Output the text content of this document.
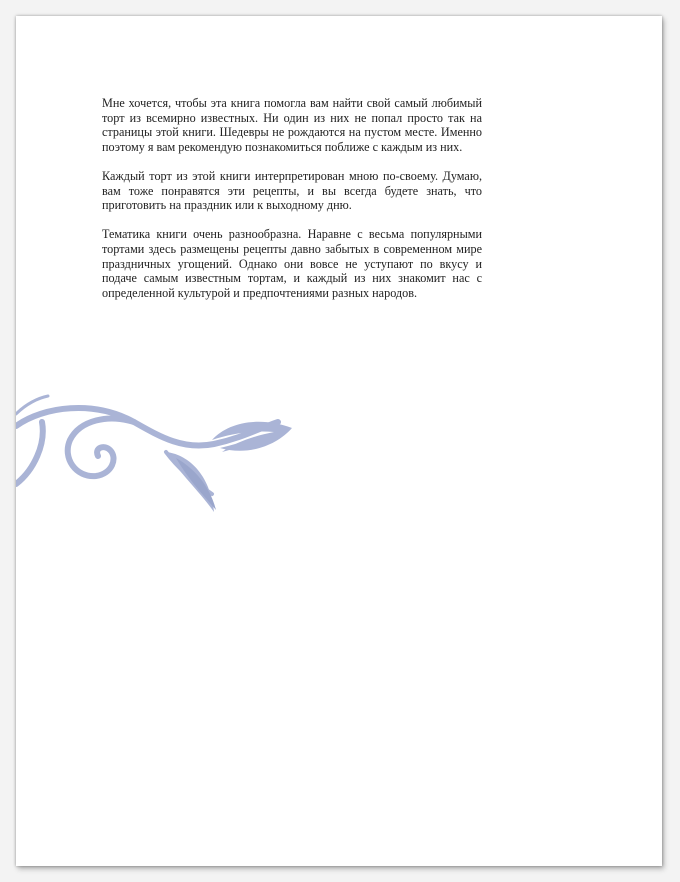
Мне хочется, чтобы эта книга помогла вам найти свой самый любимый торт из всемирно известных. Ни один из них не попал просто так на страницы этой книги. Шедевры не рождаются на пустом месте. Именно поэтому я вам рекомендую познакомиться поближе с каждым из них.

Каждый торт из этой книги интерпретирован мною по-своему. Думаю, вам тоже понравятся эти рецепты, и вы всегда будете знать, что приготовить на праздник или к выходному дню.

Тематика книги очень разнообразна. Наравне с весьма популярными тортами здесь размещены рецепты давно забытых в современном мире праздничных угощений. Однако они вовсе не уступают по вкусу и подаче самым известным тортам, и каждый из них знакомит нас с определенной культурой и предпочтениями разных народов.
